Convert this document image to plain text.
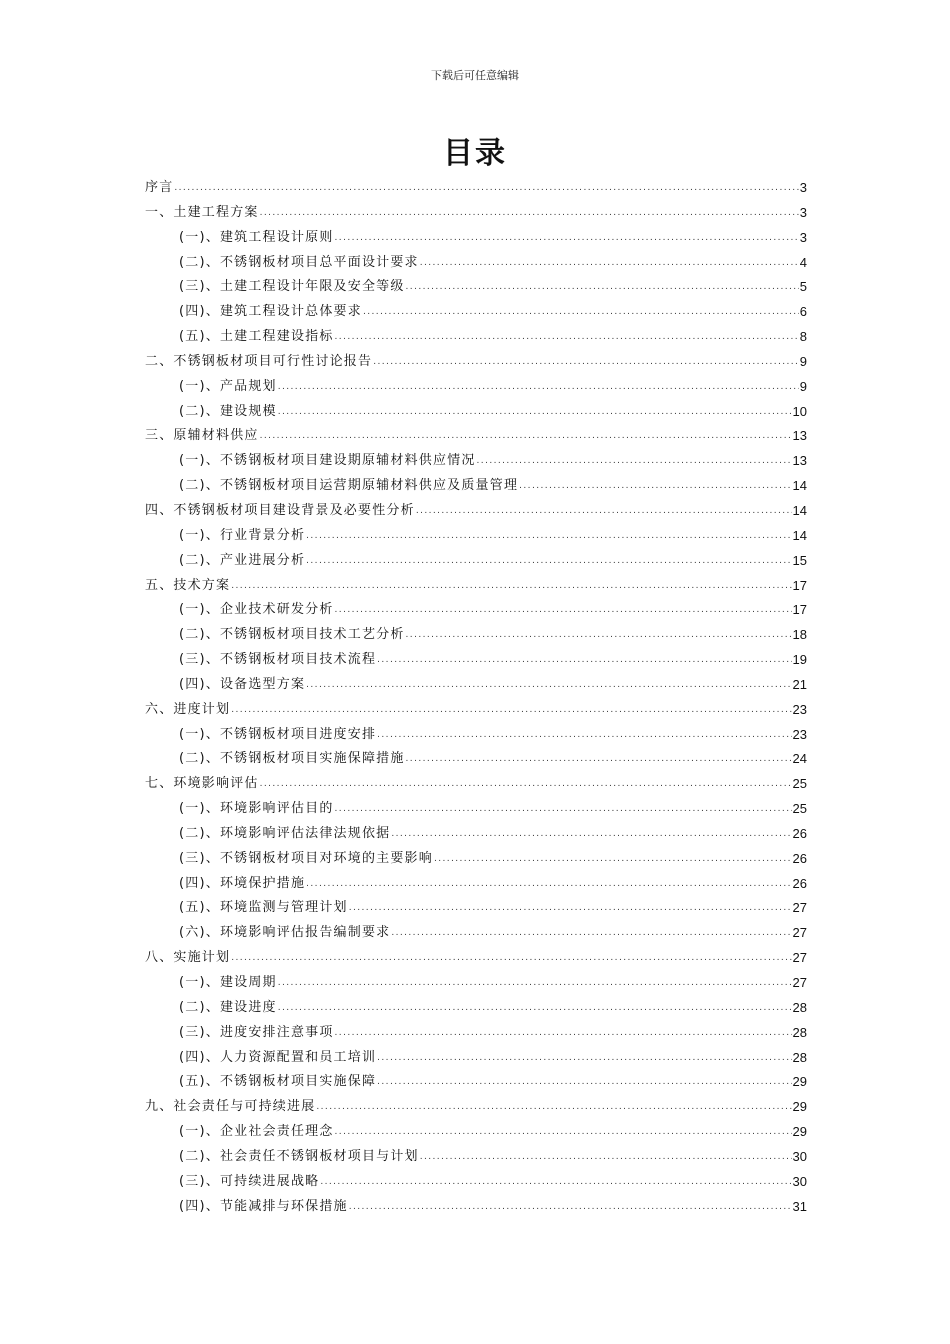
下载后可任意编辑
目录
序言 .....	3
一、土建工程方案 .....	3
(一)、建筑工程设计原则 .....	3
(二)、不锈钢板材项目总平面设计要求 .....	4
(三)、土建工程设计年限及安全等级 .....	5
(四)、建筑工程设计总体要求 .....	6
(五)、土建工程建设指标 .....	8
二、不锈钢板材项目可行性讨论报告 .....	9
(一)、产品规划 .....	9
(二)、建设规模 .....	10
三、原辅材料供应 .....	13
(一)、不锈钢板材项目建设期原辅材料供应情况 .....	13
(二)、不锈钢板材项目运营期原辅材料供应及质量管理 .....	14
四、不锈钢板材项目建设背景及必要性分析 .....	14
(一)、行业背景分析 .....	14
(二)、产业进展分析 .....	15
五、技术方案 .....	17
(一)、企业技术研发分析 .....	17
(二)、不锈钢板材项目技术工艺分析 .....	18
(三)、不锈钢板材项目技术流程 .....	19
(四)、设备选型方案 .....	21
六、进度计划 .....	23
(一)、不锈钢板材项目进度安排 .....	23
(二)、不锈钢板材项目实施保障措施 .....	24
七、环境影响评估 .....	25
(一)、环境影响评估目的 .....	25
(二)、环境影响评估法律法规依据 .....	26
(三)、不锈钢板材项目对环境的主要影响 .....	26
(四)、环境保护措施 .....	26
(五)、环境监测与管理计划 .....	27
(六)、环境影响评估报告编制要求 .....	27
八、实施计划 .....	27
(一)、建设周期 .....	27
(二)、建设进度 .....	28
(三)、进度安排注意事项 .....	28
(四)、人力资源配置和员工培训 .....	28
(五)、不锈钢板材项目实施保障 .....	29
九、社会责任与可持续进展 .....	29
(一)、企业社会责任理念 .....	29
(二)、社会责任不锈钢板材项目与计划 .....	30
(三)、可持续进展战略 .....	30
(四)、节能减排与环保措施 .....	31
